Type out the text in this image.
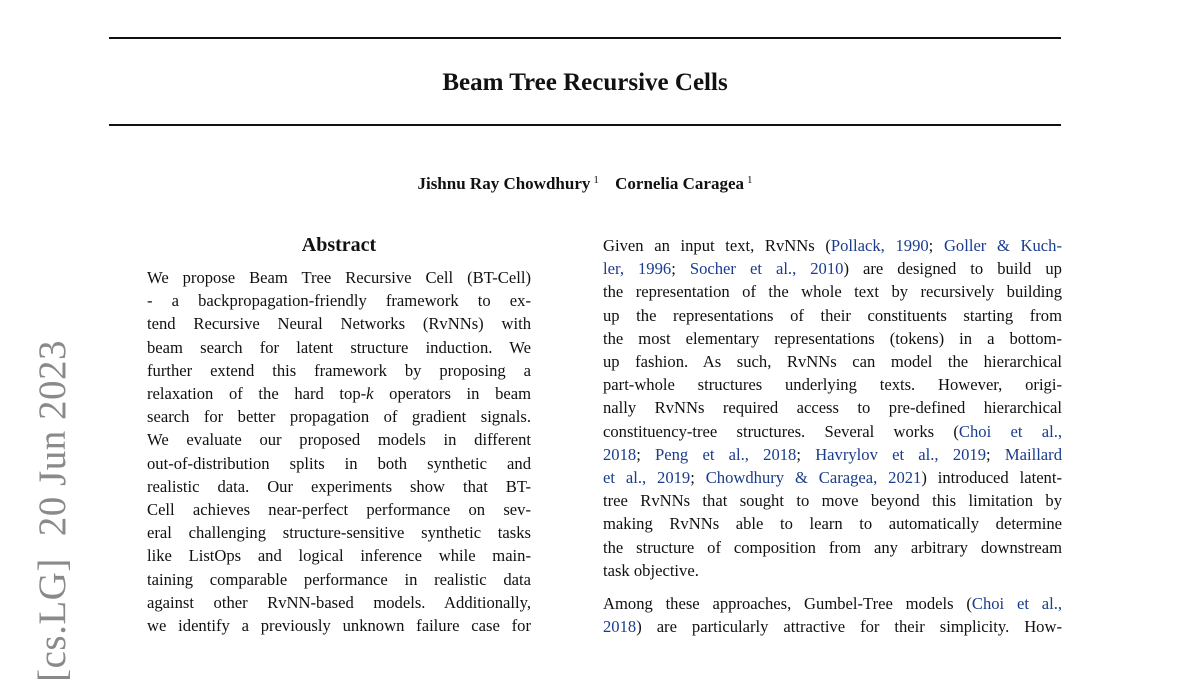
[cs.LG]20 Jun 2023
Beam Tree Recursive Cells
Jishnu Ray Chowdhury $^1$ Cornelia Caragea $^1$
Abstract
We propose Beam Tree Recursive Cell (BT-Cell)
- a backpropagation-friendly framework to ex-
tend Recursive Neural Networks (RvNNs) with
beam search for latent structure induction. We
further extend this framework by proposing a
relaxation of the hard top-k operators in beam
search for better propagation of gradient signals.
We evaluate our proposed models in different
out-of-distribution splits in both synthetic and
realistic data. Our experiments show that BT-
Cell achieves near-perfect performance on sev-
eral challenging structure-sensitive synthetic tasks
like ListOps and logical inference while main-
taining comparable performance in realistic data
against other RvNN-based models. Additionally,
we identify a previously unknown failure case for
Given an input text, RvNNs (Pollack, 1990; Goller & Kuch-
ler, 1996; Socher et al., 2010) are designed to build up
the representation of the whole text by recursively building
up the representations of their constituents starting from
the most elementary representations (tokens) in a bottom-
up fashion. As such, RvNNs can model the hierarchical
part-whole structures underlying texts. However, origi-
nally RvNNs required access to pre-defined hierarchical
constituency-tree structures. Several works (Choi et al.,
2018; Peng et al., 2018; Havrylov et al., 2019; Maillard
et al., 2019; Chowdhury & Caragea, 2021) introduced latent-
tree RvNNs that sought to move beyond this limitation by
making RvNNs able to learn to automatically determine
the structure of composition from any arbitrary downstream
task objective.
Among these approaches, Gumbel-Tree models (Choi et al.,
2018) are particularly attractive for their simplicity. How-
